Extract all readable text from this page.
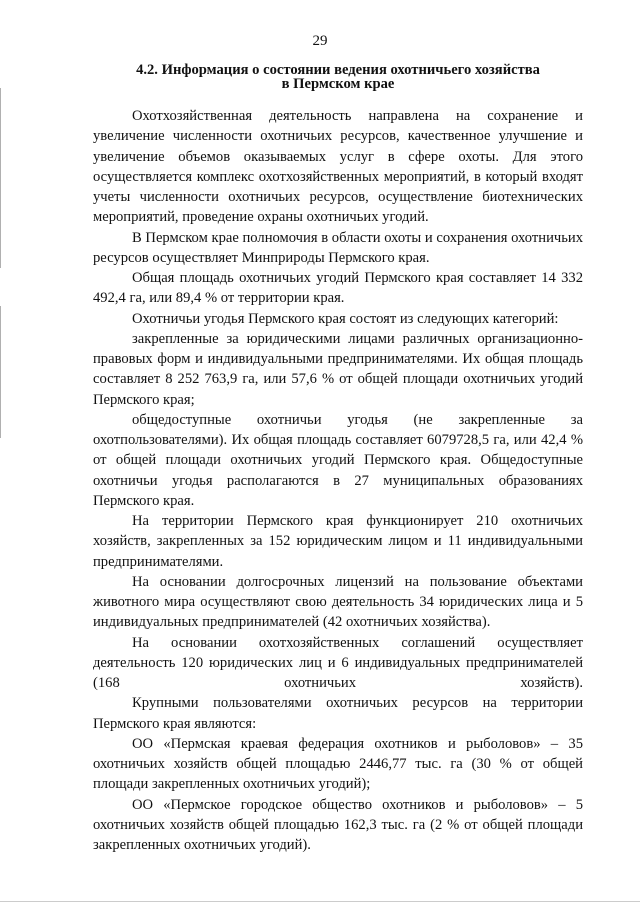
29
4.2. Информация о состоянии ведения охотничьего хозяйства
в Пермском крае

Охотхозяйственная деятельность направлена на сохранение и увеличение численности охотничьих ресурсов, качественное улучшение и увеличение объемов оказываемых услуг в сфере охоты. Для этого осуществляется комплекс охотхозяйственных мероприятий, в который входят учеты численности охотничьих ресурсов, осуществление биотехнических мероприятий, проведение охраны охотничьих угодий.

В Пермском крае полномочия в области охоты и сохранения охотничьих ресурсов осуществляет Минприроды Пермского края.

Общая площадь охотничьих угодий Пермского края составляет 14 332 492,4 га, или 89,4 % от территории края.

Охотничьи угодья Пермского края состоят из следующих категорий:

закрепленные за юридическими лицами различных организационно-правовых форм и индивидуальными предпринимателями. Их общая площадь составляет 8 252 763,9 га, или 57,6 % от общей площади охотничьих угодий Пермского края;

общедоступные охотничьи угодья (не закрепленные за охотпользователями). Их общая площадь составляет 6079728,5 га, или 42,4 % от общей площади охотничьих угодий Пермского края. Общедоступные охотничьи угодья располагаются в 27 муниципальных образованиях Пермского края.

На территории Пермского края функционирует 210 охотничьих хозяйств, закрепленных за 152 юридическим лицом и 11 индивидуальными предпринимателями.

На основании долгосрочных лицензий на пользование объектами животного мира осуществляют свою деятельность 34 юридических лица и 5 индивидуальных предпринимателей (42 охотничьих хозяйства).

На основании охотхозяйственных соглашений осуществляет деятельность 120 юридических лиц и 6 индивидуальных предпринимателей (168 охотничьих хозяйств).

Крупными пользователями охотничьих ресурсов на территории Пермского края являются:

ОО «Пермская краевая федерация охотников и рыболовов» – 35 охотничьих хозяйств общей площадью 2446,77 тыс. га (30 % от общей площади закрепленных охотничьих угодий);

ОО «Пермское городское общество охотников и рыболовов» – 5 охотничьих хозяйств общей площадью 162,3 тыс. га (2 % от общей площади закрепленных охотничьих угодий).
